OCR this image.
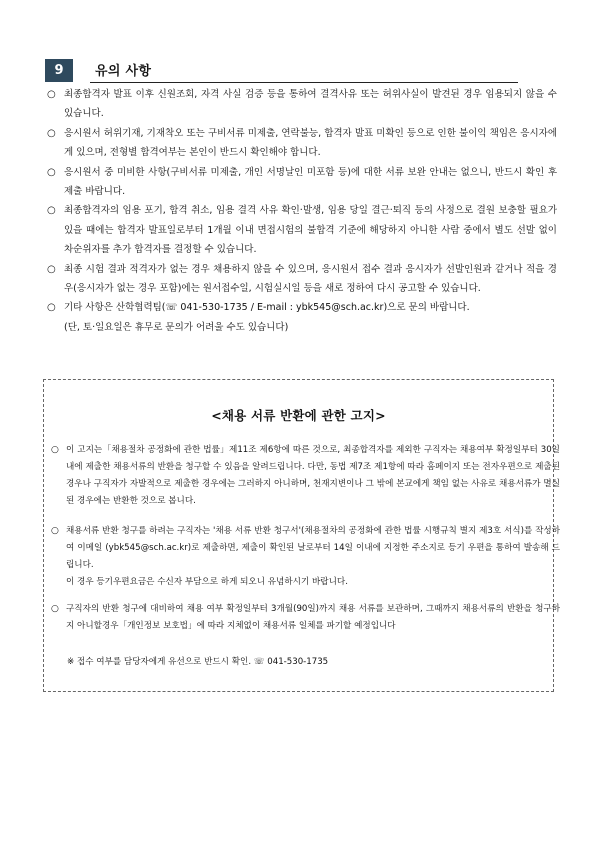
9	유의 사항
○ 최종합격자 발표 이후 신원조회, 자격 사실 검증 등을 통하여 결격사유 또는 허위사실이 발견된 경우 임용되지 않을 수 있습니다.
○ 응시원서 허위기재, 기재착오 또는 구비서류 미제출, 연락불능, 합격자 발표 미확인 등으로 인한 불이익 책임은 응시자에게 있으며, 전형별 합격여부는 본인이 반드시 확인해야 합니다.
○ 응시원서 중 미비한 사항(구비서류 미제출, 개인 서명날인 미포함 등)에 대한 서류 보완 안내는 없으니, 반드시 확인 후 제출 바랍니다.
○ 최종합격자의 임용 포기, 합격 취소, 임용 결격 사유 확인·발생, 임용 당일 결근·퇴직 등의 사정으로 결원 보충할 필요가 있을 때에는 합격자 발표일로부터 1개월 이내 면접시험의 불합격 기준에 해당하지 아니한 사람 중에서 별도 선발 없이 차순위자를 추가 합격자를 결정할 수 있습니다.
○ 최종 시험 결과 적격자가 없는 경우 채용하지 않을 수 있으며, 응시원서 접수 결과 응시자가 선발인원과 같거나 적을 경우(응시자가 없는 경우 포함)에는 원서접수일, 시험실시일 등을 새로 정하여 다시 공고할 수 있습니다.
○ 기타 사항은 산학협력팀(☏ 041-530-1735 / E-mail : ybk545@sch.ac.kr)으로 문의 바랍니다.
(단, 토·일요일은 휴무로 문의가 어려울 수도 있습니다)
<채용 서류 반환에 관한 고지>
○ 이 고지는「채용절차 공정화에 관한 법률」제11조 제6항에 따른 것으로, 최종합격자를 제외한 구직자는 채용여부 확정일부터 30일 내에 제출한 채용서류의 반환을 청구할 수 있음을 알려드립니다. 다만, 동법 제7조 제1항에 따라 홈페이지 또는 전자우편으로 제출된 경우나 구직자가 자발적으로 제출한 경우에는 그러하지 아니하며, 천재지변이나 그 밖에 본교에게 책임 없는 사유로 채용서류가 멸실된 경우에는 반환한 것으로 봅니다.
○ 채용서류 반환 청구를 하려는 구직자는 '채용 서류 반환 청구서'(채용절차의 공정화에 관한 법률 시행규칙 별지 제3호 서식)를 작성하여 이메일 (ybk545@sch.ac.kr)로 제출하면, 제출이 확인된 날로부터 14일 이내에 지정한 주소지로 등기 우편을 통하여 발송해 드립니다.
이 경우 등기우편요금은 수신자 부담으로 하게 되오니 유념하시기 바랍니다.
○ 구직자의 반환 청구에 대비하여 채용 여부 확정일부터 3개월(90일)까지 채용 서류를 보관하며, 그때까지 채용서류의 반환을 청구하지 아니할경우「개인정보 보호법」에 따라 지체없이 채용서류 일체를 파기할 예정입니다
※ 접수 여부를 담당자에게 유선으로 반드시 확인. ☏ 041-530-1735
